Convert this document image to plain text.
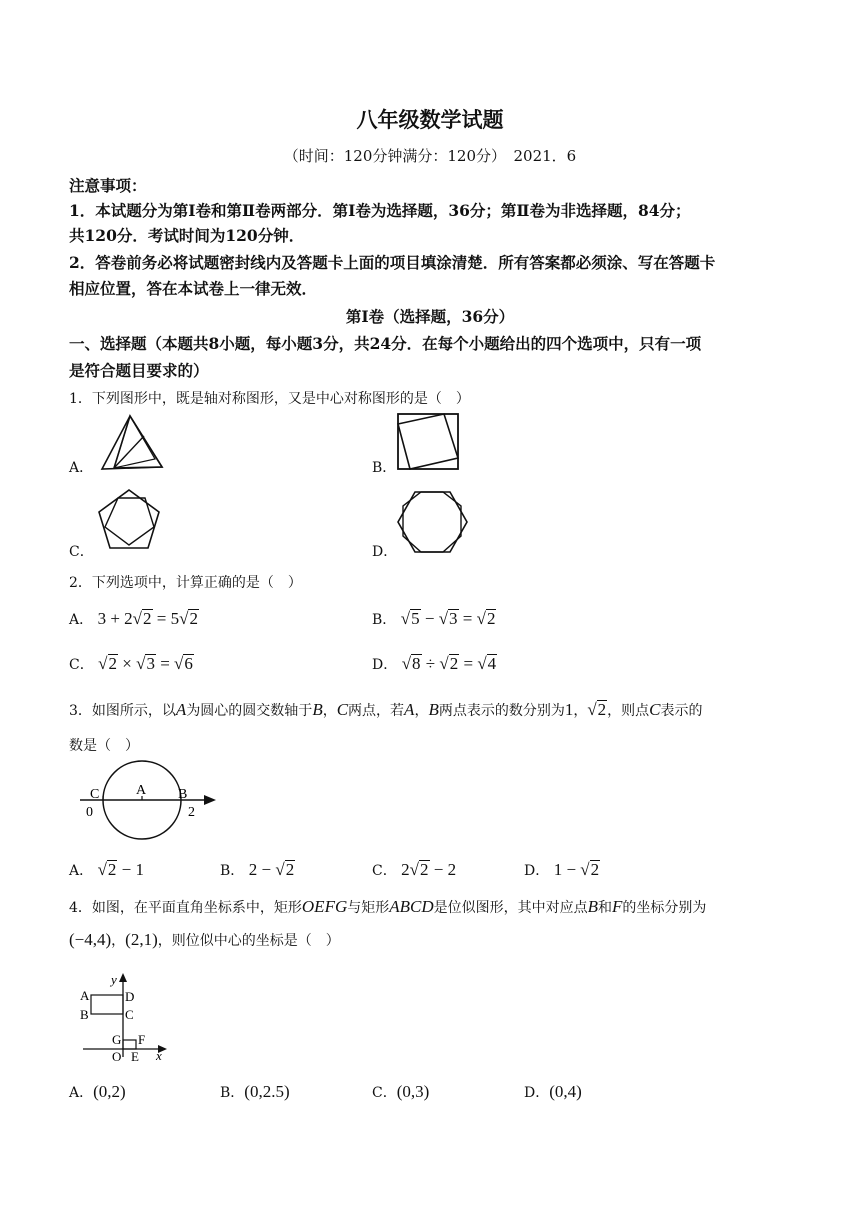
八年级数学试题
（时间：120分钟满分：120分）　2021．6
注意事项：
1．本试题分为第Ⅰ卷和第Ⅱ卷两部分．第Ⅰ卷为选择题，36分；第Ⅱ卷为非选择题，84分；
共120分．考试时间为120分钟．
2．答卷前务必将试题密封线内及答题卡上面的项目填涂清楚．所有答案都必须涂、写在答题卡
相应位置，答在本试卷上一律无效．
第Ⅰ卷（选择题，36分）
一、选择题（本题共8小题，每小题3分，共24分．在每个小题给出的四个选项中，只有一项
是符合题目要求的）
1．下列图形中，既是轴对称图形，又是中心对称图形的是（　）
A．	B．
C．	D．
2．下列选项中，计算正确的是（　）
A． 3 + 2√2 = 5√2	B． √5 − √3 = √2
C． √2 × √3 = √6	D． √8 ÷ √2 = √4
3．如图所示，以A为圆心的圆交数轴于B，C两点，若A，B两点表示的数分别为1，√2，则点C表示的
数是（　）
C	A B
0	2
A． √2 − 1	B． 2 − √2	C． 2√2 − 2	D． 1 − √2
4．如图，在平面直角坐标系中，矩形OEFG与矩形ABCD是位似图形，其中对应点B和F的坐标分别为
(−4,4)，(2,1)，则位似中心的坐标是（　）
y
x
A	D
B	C
G F
O E
A．(0,2)	B．(0,2.5)	C．(0,3)	D．(0,4)
